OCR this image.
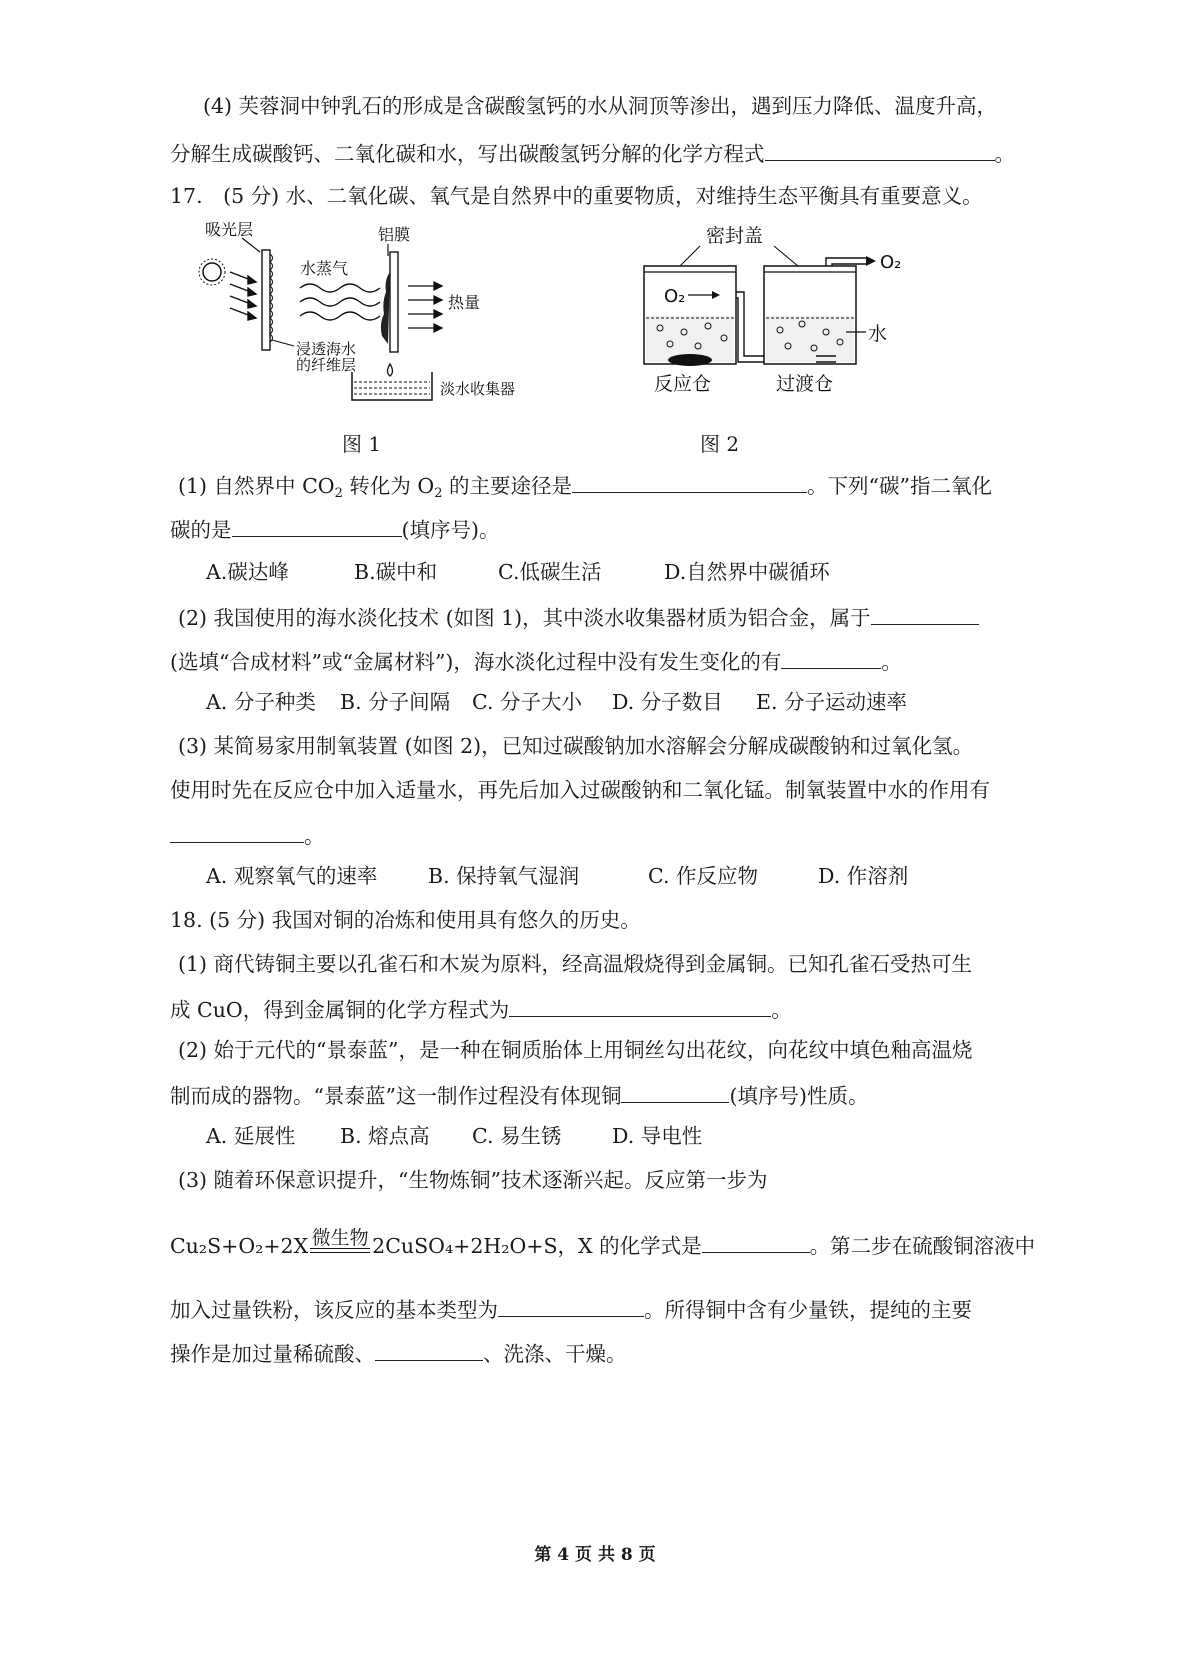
(4) 芙蓉洞中钟乳石的形成是含碳酸氢钙的水从洞顶等渗出，遇到压力降低、温度升高，
分解生成碳酸钙、二氧化碳和水，写出碳酸氢钙分解的化学方程式	。
17.　(5 分) 水、二氧化碳、氧气是自然界中的重要物质，对维持生态平衡具有重要意义。
吸光层
水蒸气
铝膜
热量
浸透海水
的纤维层
淡水收集器
图 1
密封盖
O₂
O₂
水
反应仓	过渡仓
图 2
(1) 自然界中 $CO_2$ 转化为 $O_2$ 的主要途径是	。下列“碳”指二氧化
碳的是	(填序号)。
A.碳达峰	B.碳中和	C.低碳生活	D.自然界中碳循环
(2) 我国使用的海水淡化技术 (如图 1)，其中淡水收集器材质为铝合金，属于
(选填“合成材料”或“金属材料”)，海水淡化过程中没有发生变化的有	。
A. 分子种类 B. 分子间隔 C. 分子大小 D. 分子数目 E. 分子运动速率
(3) 某简易家用制氧装置 (如图 2)，已知过碳酸钠加水溶解会分解成碳酸钠和过氧化氢。
使用时先在反应仓中加入适量水，再先后加入过碳酸钠和二氧化锰。制氧装置中水的作用有
。
A. 观察氧气的速率 B. 保持氧气湿润	C. 作反应物	D. 作溶剂
18. (5 分) 我国对铜的冶炼和使用具有悠久的历史。
(1) 商代铸铜主要以孔雀石和木炭为原料，经高温煅烧得到金属铜。已知孔雀石受热可生
成 CuO，得到金属铜的化学方程式为	。
(2) 始于元代的“景泰蓝”，是一种在铜质胎体上用铜丝勾出花纹，向花纹中填色釉高温烧
制而成的器物。“景泰蓝”这一制作过程没有体现铜	(填序号)性质。
A. 延展性 B. 熔点高 C. 易生锈 D. 导电性
(3) 随着环保意识提升，“生物炼铜”技术逐渐兴起。反应第一步为
Cu₂S+O₂+2X 微生物 2CuSO₄+2H₂O+S，X 的化学式是	。第二步在硫酸铜溶液中
加入过量铁粉，该反应的基本类型为	。所得铜中含有少量铁，提纯的主要
操作是加过量稀硫酸、	、洗涤、干燥。
第 4 页 共 8 页
